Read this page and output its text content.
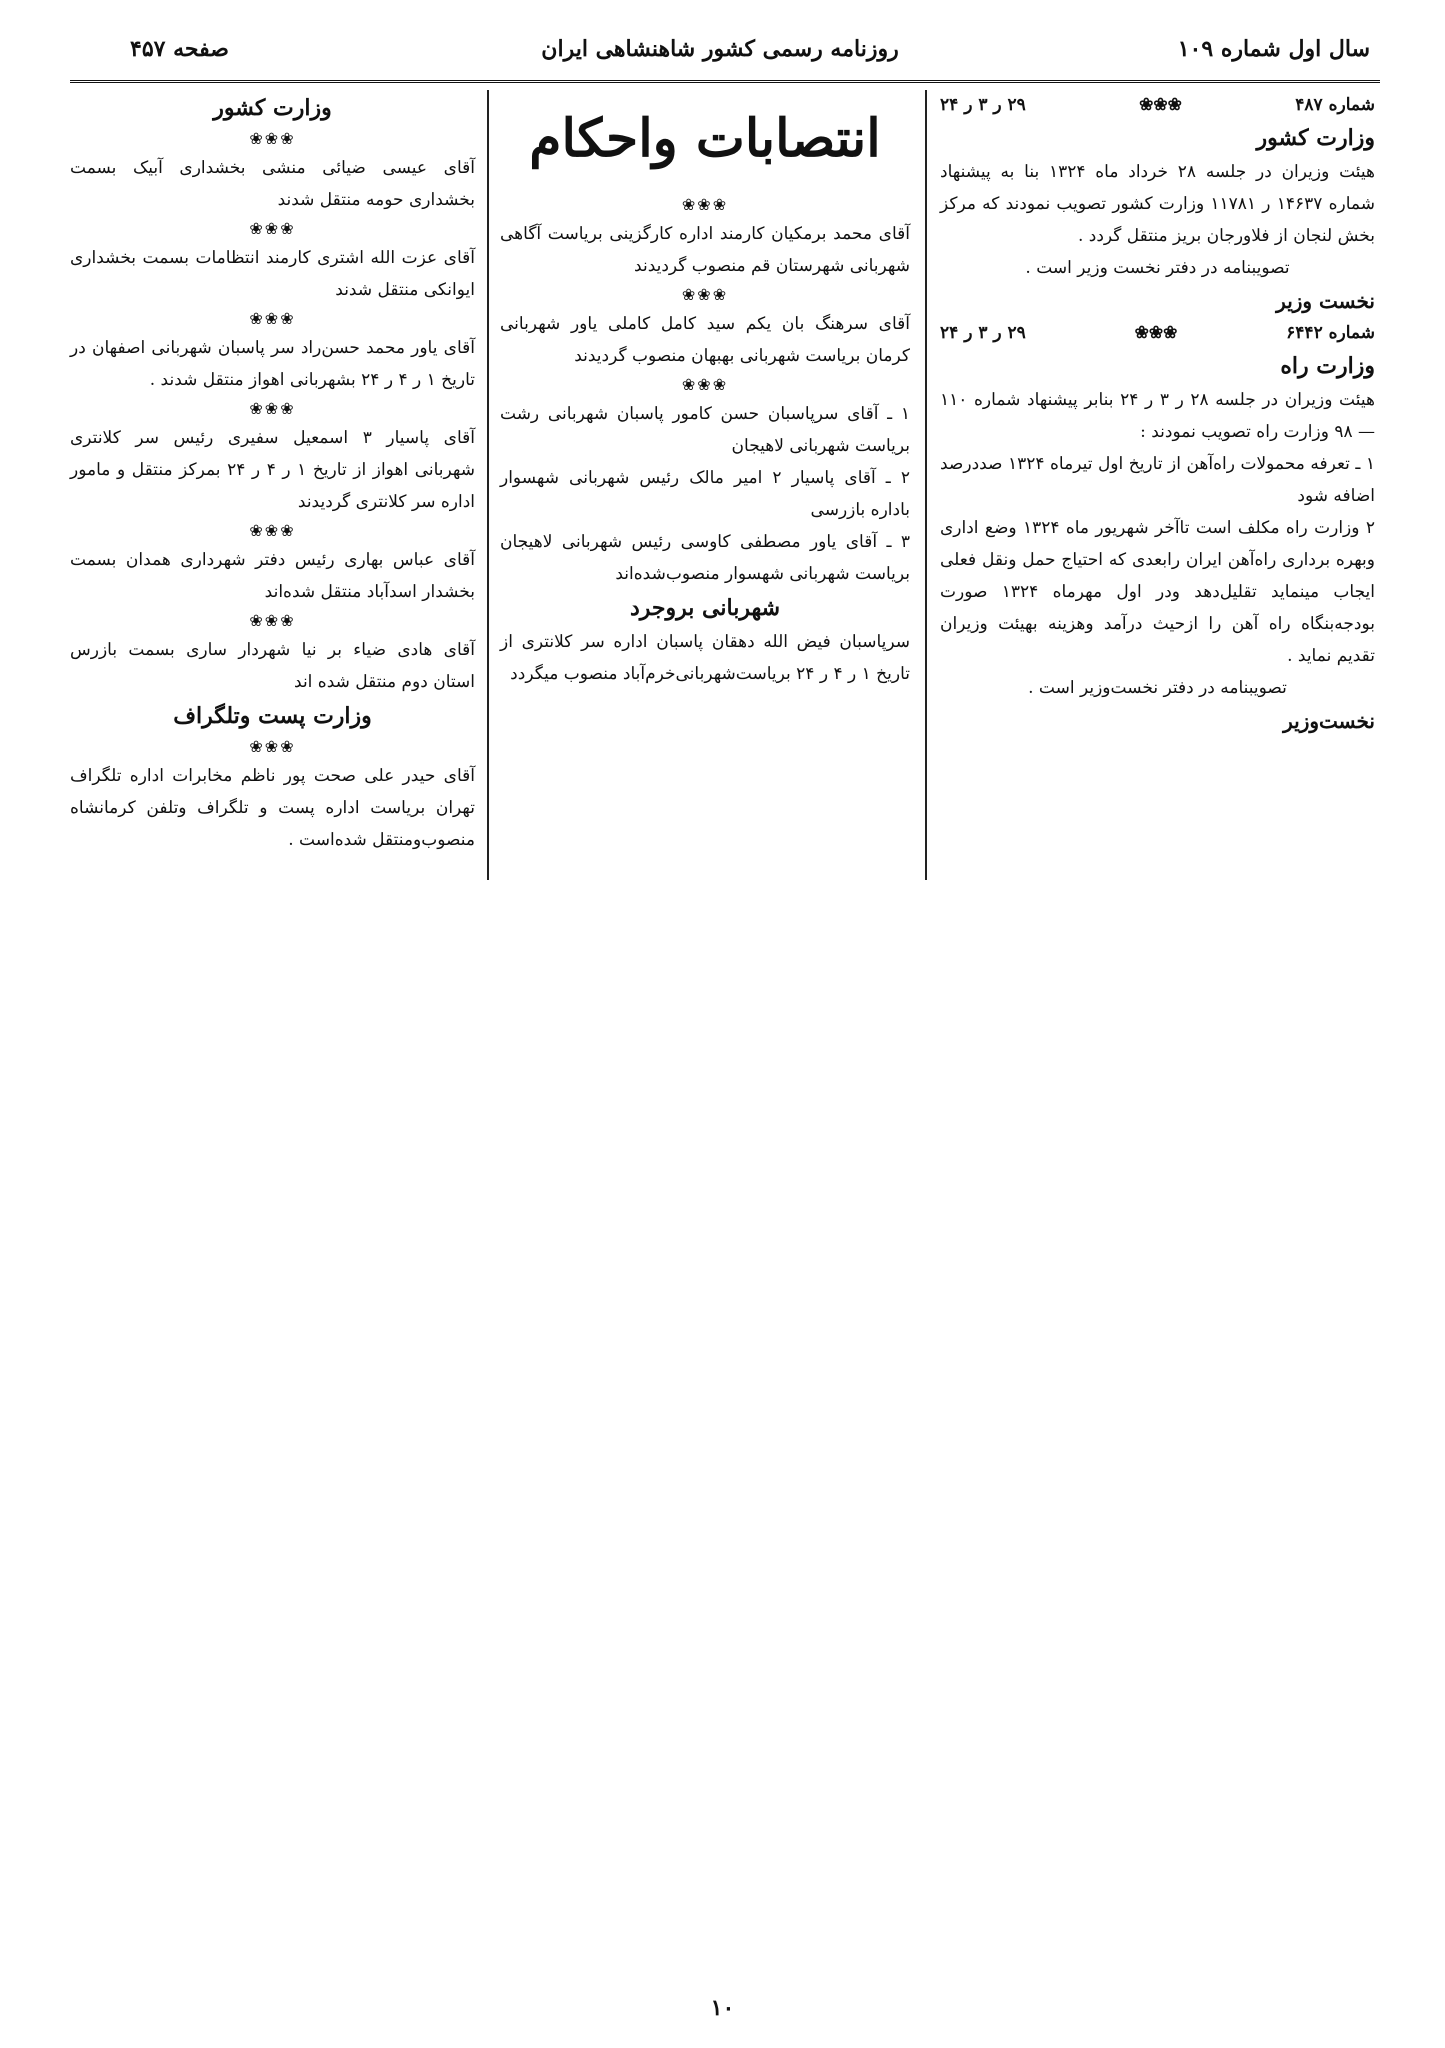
سال اول شماره ۱۰۹
روزنامه رسمی کشور شاهنشاهی ایران
صفحه ۴۵۷
شماره ۴۸۷
❀❀❀
۲۹ ر ۳ ر ۲۴
وزارت کشور

هیئت وزیران در جلسه ۲۸ خرداد ماه ۱۳۲۴ بنا به پیشنهاد شماره ۱۴۶۳۷ ر ۱۱۷۸۱ وزارت کشور تصویب نمودند که مرکز بخش لنجان از فلاورجان بریز منتقل گردد .

تصویبنامه در دفتر نخست وزیر است .
نخست وزیر
شماره ۶۴۴۲
❀❀❀
۲۹ ر ۳ ر ۲۴
وزارت راه

هیئت وزیران در جلسه ۲۸ ر ۳ ر ۲۴ بنابر پیشنهاد شماره ۱۱۰ — ۹۸ وزارت راه تصویب نمودند :

۱ ـ تعرفه محمولات راه‌آهن از تاریخ اول تیرماه ۱۳۲۴ صددرصد اضافه شود

۲ وزارت راه مکلف است تاآخر شهریور ماه ۱۳۲۴ وضع اداری وبهره برداری راه‌آهن ایران رابعدی که احتیاج حمل ونقل فعلی ایجاب مینماید تقلیل‌دهد ودر اول مهرماه ۱۳۲۴ صورت بودجه‌بنگاه راه آهن را ازحیث درآمد وهزینه بهیئت وزیران تقدیم نماید .

تصویبنامه در دفتر نخست‌وزیر است .
نخست‌وزیر
انتصابات واحکام
❀❀❀

آقای محمد برمکیان کارمند اداره کارگزینی بریاست آگاهی شهربانی شهرستان قم منصوب گردیدند

❀❀❀

آقای سرهنگ بان یکم سید کامل کاملی یاور شهربانی کرمان بریاست شهربانی بهبهان منصوب گردیدند

❀❀❀

۱ ـ آقای سرپاسبان حسن کامور پاسبان شهربانی رشت بریاست شهربانی لاهیجان

۲ ـ آقای پاسیار ۲ امیر مالک رئیس شهربانی شهسوار باداره بازرسی

۳ ـ آقای یاور مصطفی کاوسی رئیس شهربانی لاهیجان بریاست شهربانی شهسوار منصوب‌شده‌اند

شهربانی بروجرد

سرپاسبان فیض الله دهقان پاسبان اداره سر کلانتری از تاریخ ۱ ر ۴ ر ۲۴ بریاست‌شهربانی‌خرم‌آباد منصوب میگردد

وزارت کشور
❀❀❀

آقای عیسی ضیائی منشی بخشداری آبیک بسمت بخشداری حومه منتقل شدند

❀❀❀

آقای عزت الله اشتری کارمند انتظامات بسمت بخشداری ایوانکی منتقل شدند

❀❀❀

آقای یاور محمد حسن‌راد سر پاسبان شهربانی اصفهان در تاریخ ۱ ر ۴ ر ۲۴ بشهربانی اهواز منتقل شدند .

❀❀❀

آقای پاسیار ۳ اسمعیل سفیری رئیس سر کلانتری شهربانی اهواز از تاریخ ۱ ر ۴ ر ۲۴ بمرکز منتقل و مامور اداره سر کلانتری گردیدند

❀❀❀

آقای عباس بهاری رئیس دفتر شهرداری همدان بسمت بخشدار اسدآباد منتقل شده‌اند

❀❀❀

آقای هادی ضیاء بر نیا شهردار ساری بسمت بازرس استان دوم منتقل شده اند

وزارت پست وتلگراف
❀❀❀

آقای حیدر علی صحت پور ناظم مخابرات اداره تلگراف تهران بریاست اداره پست و تلگراف وتلفن کرمانشاه منصوب‌ومنتقل شده‌است .

۱۰
